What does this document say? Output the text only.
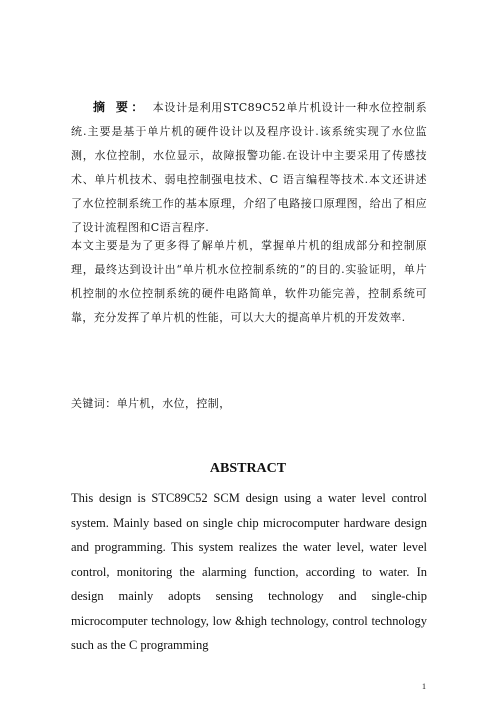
摘 要： 本设计是利用STC89C52单片机设计一种水位控制系统.主要是基于单片机的硬件设计以及程序设计.该系统实现了水位监测，水位控制，水位显示，故障报警功能.在设计中主要采用了传感技术、单片机技术、弱电控制强电技术、C 语言编程等技术.本文还讲述了水位控制系统工作的基本原理，介绍了电路接口原理图，给出了相应了设计流程图和C语言程序.

本文主要是为了更多得了解单片机，掌握单片机的组成部分和控制原理，最终达到设计出“单片机水位控制系统的”的目的.实验证明，单片机控制的水位控制系统的硬件电路简单，软件功能完善，控制系统可靠，充分发挥了单片机的性能，可以大大的提高单片机的开发效率.

关键词：单片机，水位，控制，

ABSTRACT

This design is STC89C52 SCM design using a water level control system. Mainly based on single chip microcomputer hardware design and programming. This system realizes the water level, water level control, monitoring the alarming function, according to water. In design mainly adopts sensing technology and single-chip microcomputer technology, low &high technology, control technology such as the C programming

1
